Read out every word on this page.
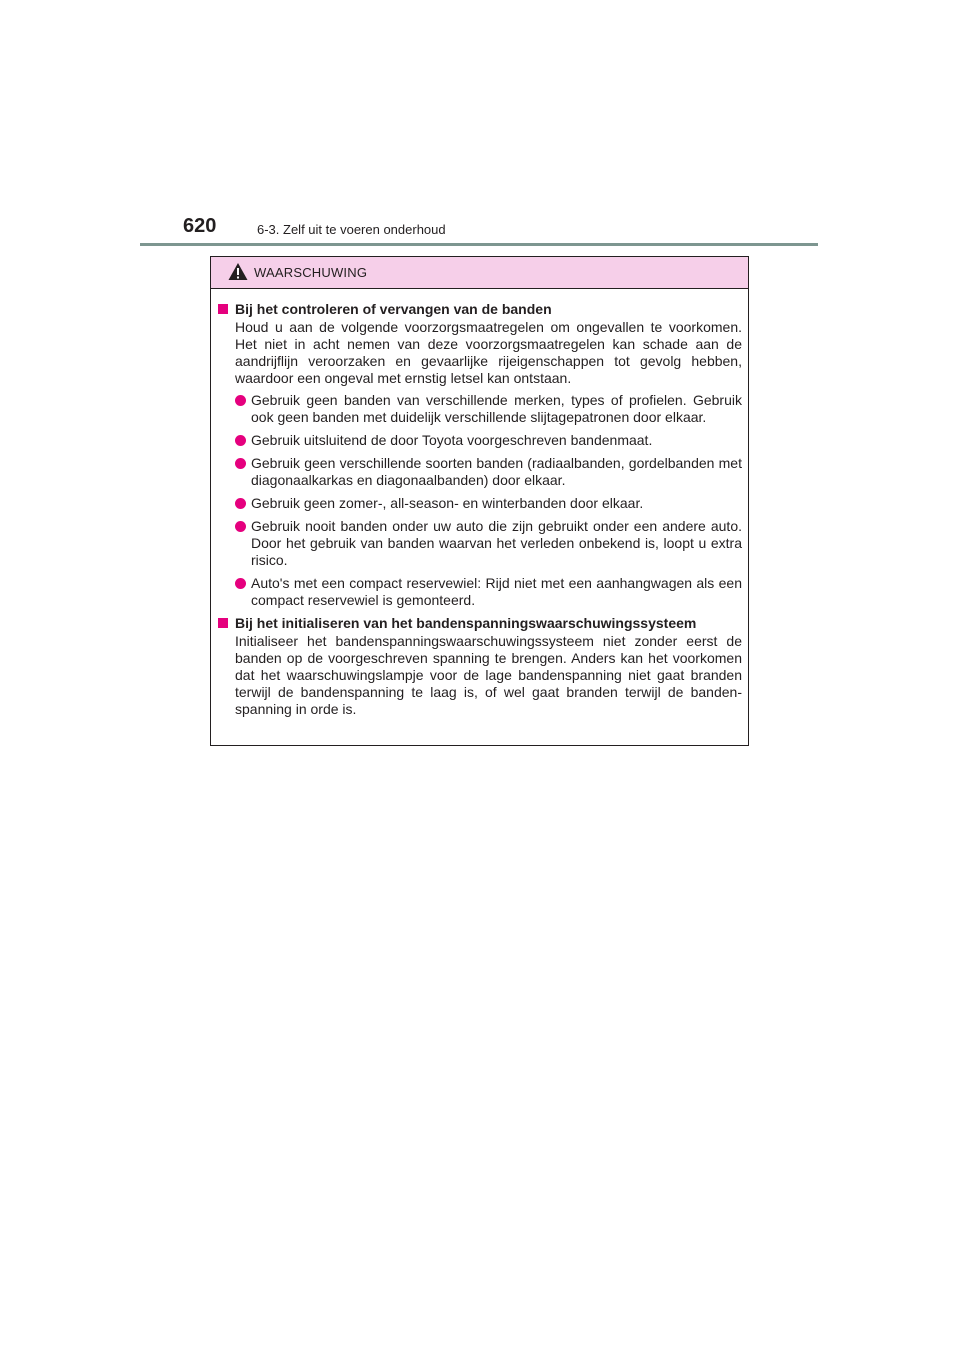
620	6-3. Zelf uit te voeren onderhoud
WAARSCHUWING
Bij het controleren of vervangen van de banden
Houd u aan de volgende voorzorgsmaatregelen om ongevallen te voorkomen. Het niet in acht nemen van deze voorzorgsmaatregelen kan schade aan de aandrijflijn veroorzaken en gevaarlijke rijeigenschappen tot gevolg hebben, waardoor een ongeval met ernstig letsel kan ontstaan.
Gebruik geen banden van verschillende merken, types of profielen. Gebruik ook geen banden met duidelijk verschillende slijtagepatronen door elkaar.
Gebruik uitsluitend de door Toyota voorgeschreven bandenmaat.
Gebruik geen verschillende soorten banden (radiaalbanden, gordelbanden met diagonaalkarkas en diagonaalbanden) door elkaar.
Gebruik geen zomer-, all-season- en winterbanden door elkaar.
Gebruik nooit banden onder uw auto die zijn gebruikt onder een andere auto. Door het gebruik van banden waarvan het verleden onbekend is, loopt u extra risico.
Auto's met een compact reservewiel: Rijd niet met een aanhangwagen als een compact reservewiel is gemonteerd.
Bij het initialiseren van het bandenspanningswaarschuwingssysteem
Initialiseer het bandenspanningswaarschuwingssysteem niet zonder eerst de banden op de voorgeschreven spanning te brengen. Anders kan het voorkomen dat het waarschuwingslampje voor de lage bandenspanning niet gaat branden terwijl de bandenspanning te laag is, of wel gaat branden terwijl de banden-spanning in orde is.
